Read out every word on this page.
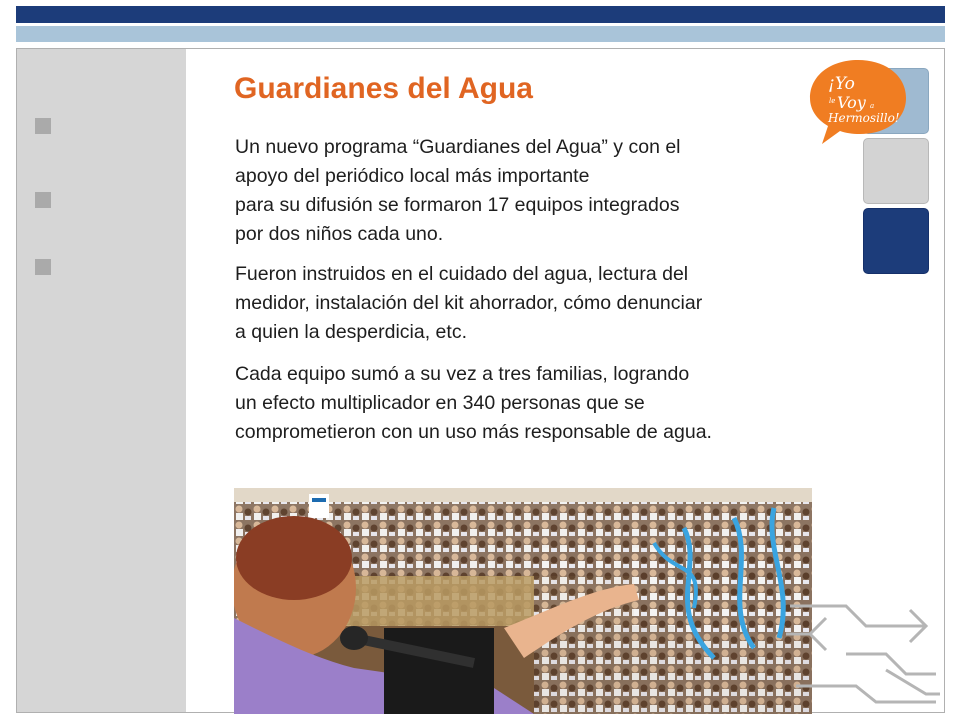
Guardianes del Agua
Un nuevo programa “Guardianes del Agua” y con el
apoyo del periódico local más importante
para su difusión se formaron 17 equipos integrados
por dos niños cada uno.
Fueron instruidos en el cuidado del agua, lectura del
medidor, instalación del kit ahorrador, cómo denunciar
a quien la desperdicia, etc.
Cada equipo sumó a su vez a tres familias, logrando
un efecto multiplicador en 340 personas que se
comprometieron con un uso más responsable de agua.
¡Yo
le Voy a
Hermosillo!
